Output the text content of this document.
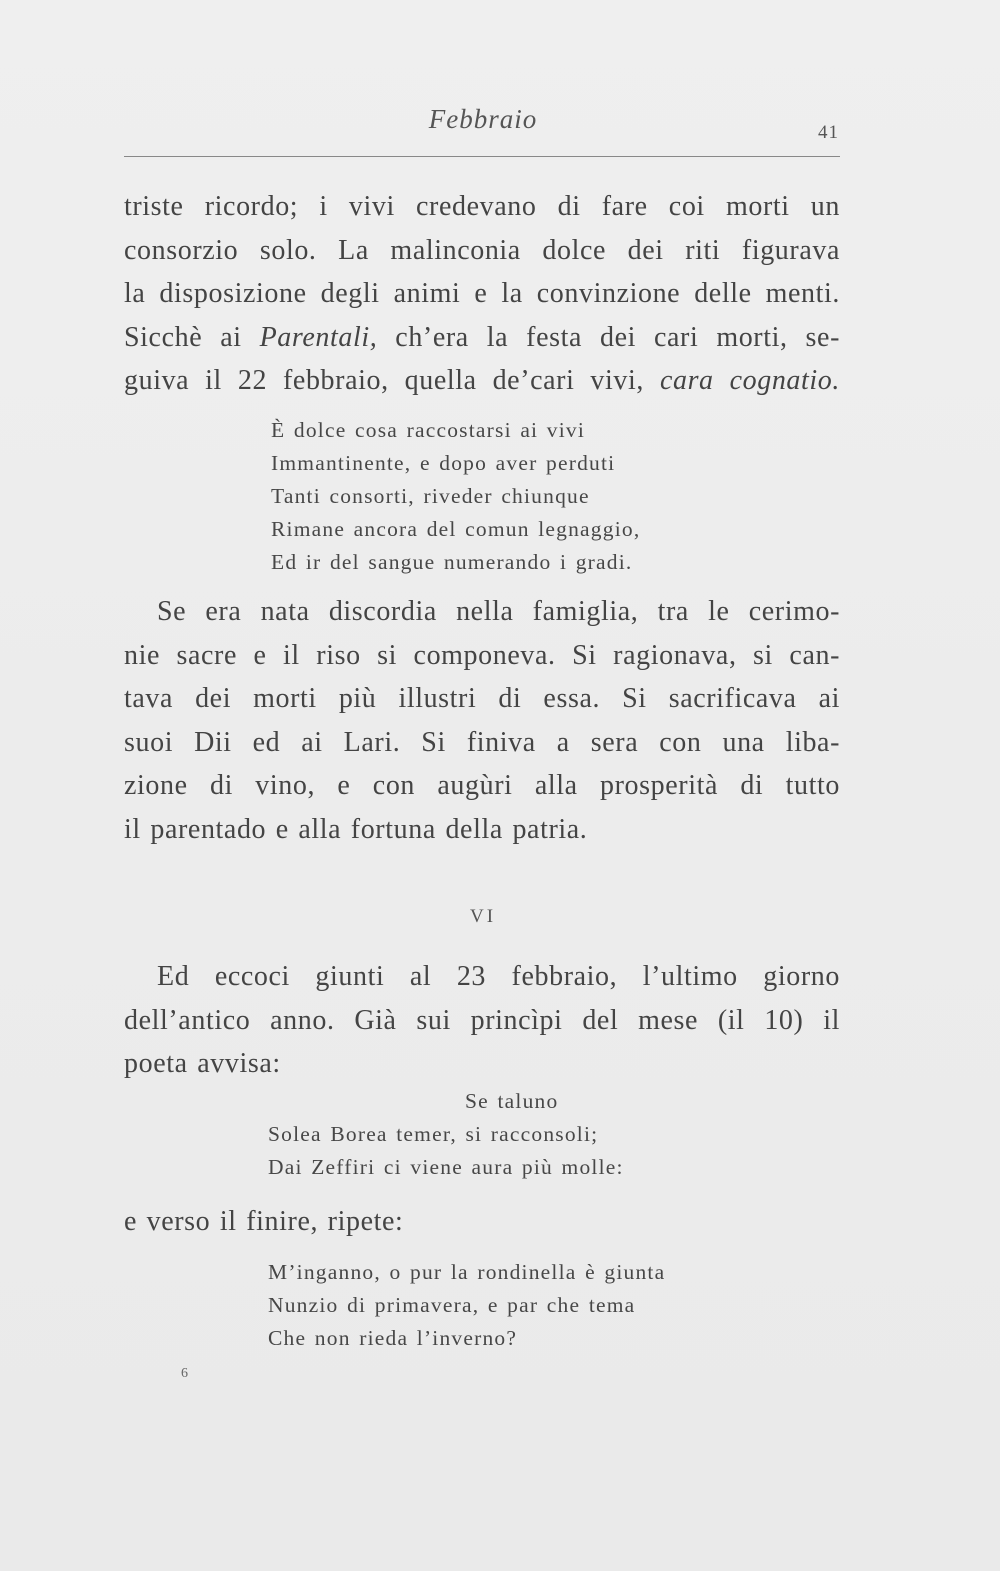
Febbraio	41
triste ricordo; i vivi credevano di fare coi morti un
consorzio solo. La malinconia dolce dei riti figurava
la disposizione degli animi e la convinzione delle menti.
Sicchè ai Parentali, ch’era la festa dei cari morti, se-
guiva il 22 febbraio, quella de’cari vivi, cara cognatio.
È dolce cosa raccostarsi ai vivi
Immantinente, e dopo aver perduti
Tanti consorti, riveder chiunque
Rimane ancora del comun legnaggio,
Ed ir del sangue numerando i gradi.
Se era nata discordia nella famiglia, tra le cerimo-
nie sacre e il riso si componeva. Si ragionava, si can-
tava dei morti più illustri di essa. Si sacrificava ai
suoi Dii ed ai Lari. Si finiva a sera con una liba-
zione di vino, e con augùri alla prosperità di tutto
il parentado e alla fortuna della patria.
VI
Ed eccoci giunti al 23 febbraio, l’ultimo giorno
dell’antico anno. Già sui princìpi del mese (il 10) il
poeta avvisa:
Se taluno
Solea Borea temer, si racconsoli;
Dai Zeffiri ci viene aura più molle:
e verso il finire, ripete:
M’inganno, o pur la rondinella è giunta
Nunzio di primavera, e par che tema
Che non rieda l’inverno?
6
